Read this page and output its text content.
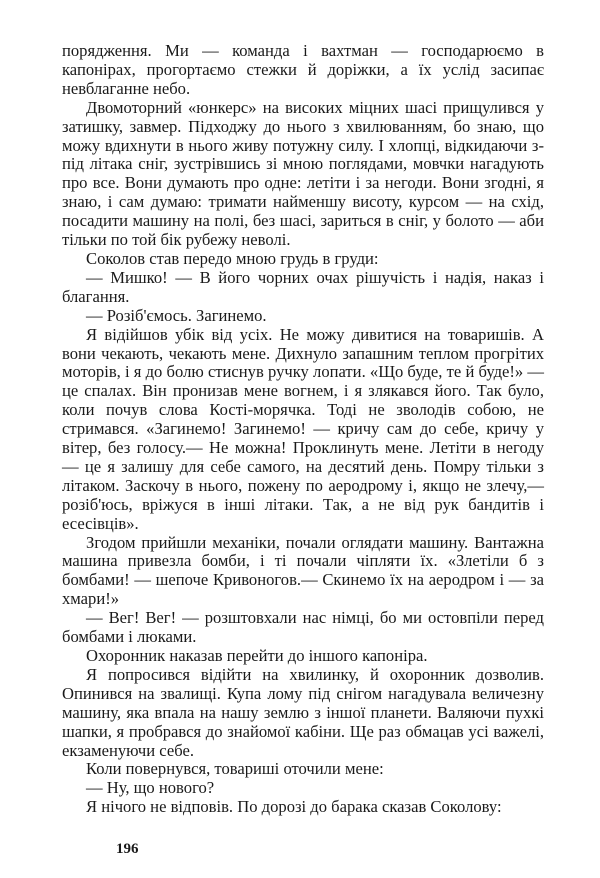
порядження. Ми — команда і вахтман — господарюємо в капонірах, прогортаємо стежки й доріжки, а їх услід засипає невблаганне небо.

Двомоторний «юнкерс» на високих міцних шасі прищулився у затишку, завмер. Підходжу до нього з хвилюванням, бо знаю, що можу вдихнути в нього живу потужну силу. І хлопці, відкидаючи з-під літака сніг, зустрівшись зі мною поглядами, мовчки нагадують про все. Вони думають про одне: летіти і за негоди. Вони згодні, я знаю, і сам думаю: тримати найменшу висоту, курсом — на схід, посадити машину на полі, без шасі, зариться в сніг, у болото — аби тільки по той бік рубежу неволі.

Соколов став передо мною грудь в груди:

— Мишко! — В його чорних очах рішучість і надія, наказ і благання.

— Розіб'ємось. Загинемо.

Я відійшов убік від усіх. Не можу дивитися на товаришів. А вони чекають, чекають мене. Дихнуло запашним теплом прогрітих моторів, і я до болю стиснув ручку лопати. «Що буде, те й буде!» — це спалах. Він пронизав мене вогнем, і я злякався його. Так було, коли почув слова Кості-морячка. Тоді не зволодів собою, не стримався. «Загинемо! Загинемо! — кричу сам до себе, кричу у вітер, без голосу.— Не можна! Проклинуть мене. Летіти в негоду — це я залишу для себе самого, на десятий день. Помру тільки з літаком. Заскочу в нього, пожену по аеродрому і, якщо не злечу,— розіб'юсь, вріжуся в інші літаки. Так, а не від рук бандитів і есесівців».

Згодом прийшли механіки, почали оглядати машину. Вантажна машина привезла бомби, і ті почали чіпляти їх. «Злетіли б з бомбами! — шепоче Кривоногов.— Скинемо їх на аеродром і — за хмари!»

— Вег! Вег! — розштовхали нас німці, бо ми остовпіли перед бомбами і люками.

Охоронник наказав перейти до іншого капоніра.

Я попросився відійти на хвилинку, й охоронник дозволив. Опинився на звалищі. Купа лому під снігом нагадувала величезну машину, яка впала на нашу землю з іншої планети. Валяючи пухкі шапки, я пробрався до знайомої кабіни. Ще раз обмацав усі важелі, екзаменуючи себе.

Коли повернувся, товариші оточили мене:

— Ну, що нового?

Я нічого не відповів. По дорозі до барака сказав Соколову:

196
